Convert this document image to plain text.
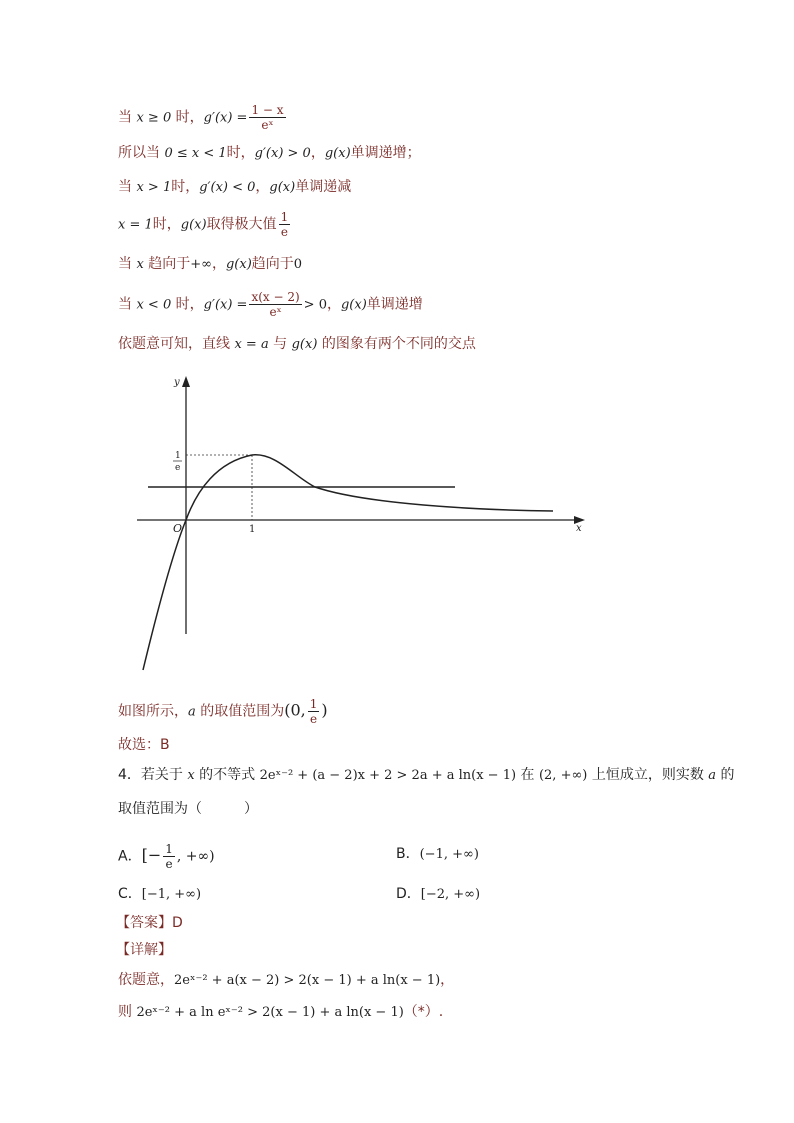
当 x ≥ 0 时，$g'(x) = \frac{1 - x}{\text{eˣ}}$
所以当 0 ≤ x < 1时，g′(x) > 0，g(x)单调递增；
当 x > 1时，g′(x) < 0，g(x)单调递减
x = 1时，g(x)取得极大值 $\frac{1}{e}$
当 x 趋向于+∞，g(x)趋向于0
当 x < 0 时，$g'(x) = \frac{x(x - 2)}{\text{eˣ}} > 0$，g(x)单调递增
依题意可知，直线 x = a 与 g(x) 的图象有两个不同的交点
y
x
O
1
e
1
如图所示，a 的取值范围为(0, $\frac{1}{e}$ )
故选：B
4．若关于 x 的不等式 2eˣ⁻² + (a − 2)x + 2 > 2a + a ln(x − 1) 在 (2, +∞) 上恒成立，则实数 a 的
取值范围为（　　　）
A．[− $\frac{1}{e}$ , +∞)	B．(−1, +∞)
C．[−1, +∞)	D．[−2, +∞)
【答案】D
【详解】
依题意，2eˣ⁻² + a(x − 2) > 2(x − 1) + a ln(x − 1)，
则 2eˣ⁻² + a ln eˣ⁻² > 2(x − 1) + a ln(x − 1)（*）.
